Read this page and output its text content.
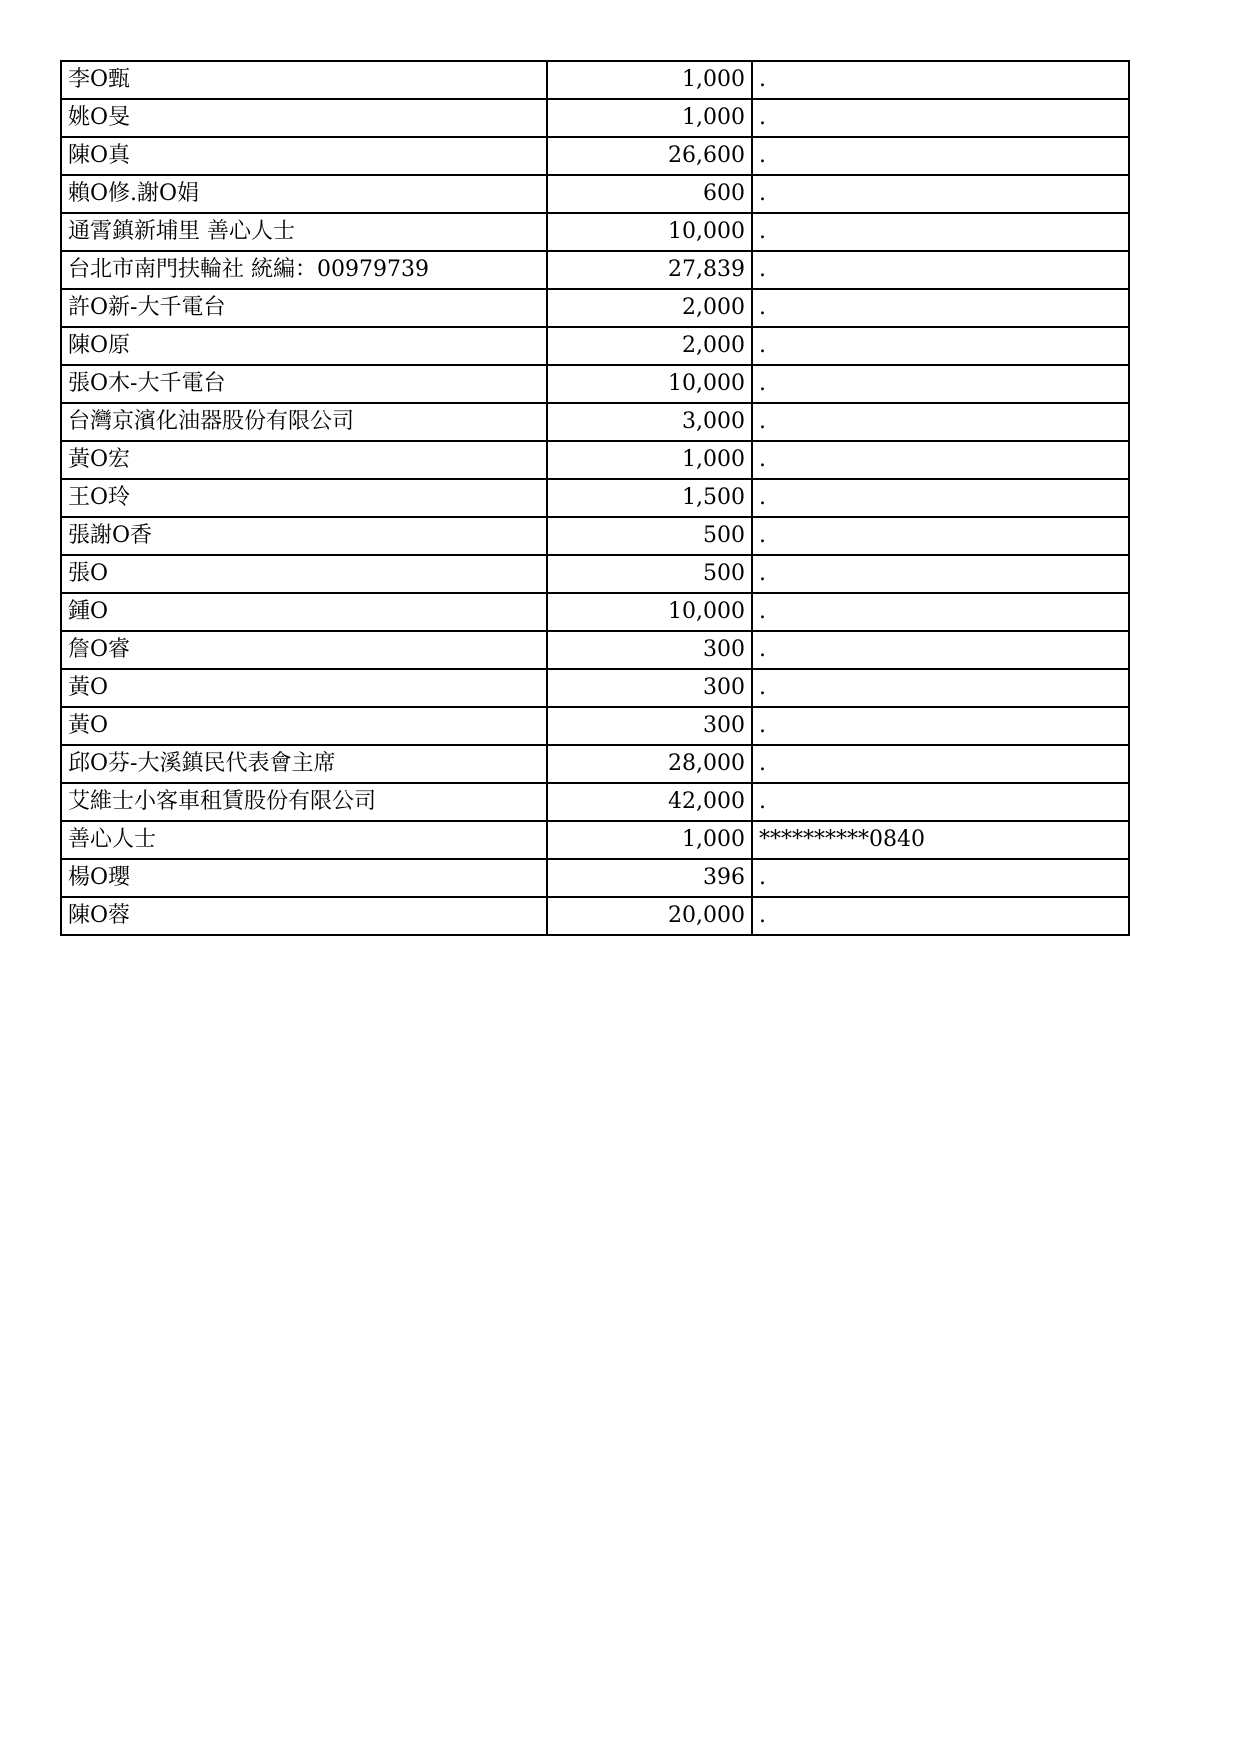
李O甄	1,000	.
姚O旻	1,000	.
陳O真	26,600	.
賴O修.謝O娟	600	.
通霄鎮新埔里 善心人士	10,000	.
台北市南門扶輪社 統編：00979739	27,839	.
許O新-大千電台	2,000	.
陳O原	2,000	.
張O木-大千電台	10,000	.
台灣京濱化油器股份有限公司	3,000	.
黃O宏	1,000	.
王O玲	1,500	.
張謝O香	500	.
張O	500	.
鍾O	10,000	.
詹O睿	300	.
黃O	300	.
黃O	300	.
邱O芬-大溪鎮民代表會主席	28,000	.
艾維士小客車租賃股份有限公司	42,000	.
善心人士	1,000	**********0840
楊O瓔	396	.
陳O蓉	20,000	.
